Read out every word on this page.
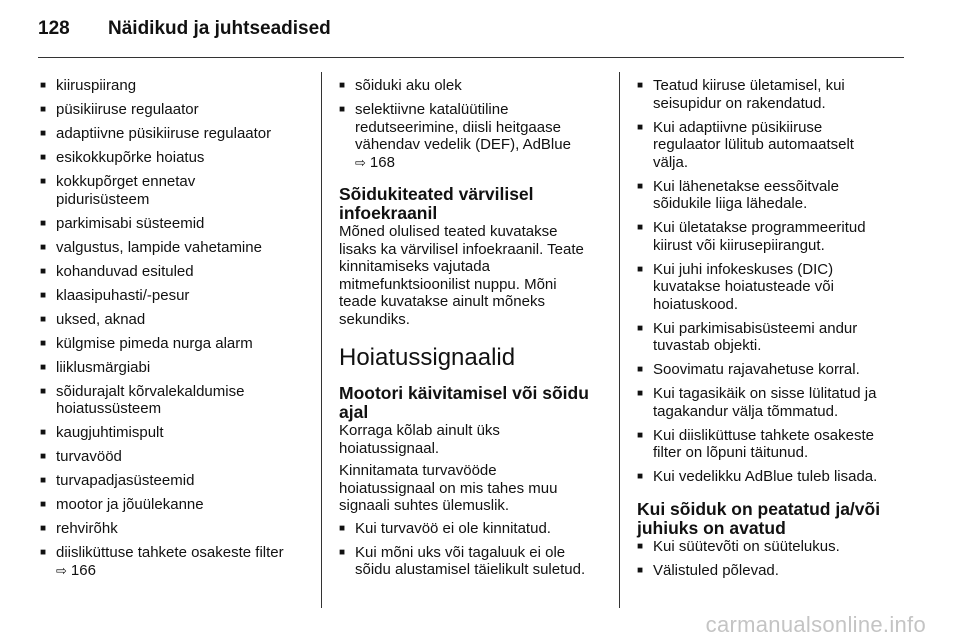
128 Näidikud ja juhtseadised
■ kiiruspiirang
■ püsikiiruse regulaator
■ adaptiivne püsikiiruse regulaator
■ esikokkupõrke hoiatus
■ kokkupõrget ennetav
pidurisüsteem
■ parkimisabi süsteemid
■ valgustus, lampide vahetamine
■ kohanduvad esituled
■ klaasipuhasti/-pesur
■ uksed, aknad
■ külgmise pimeda nurga alarm
■ liiklusmärgiabi
■ sõidurajalt kõrvalekaldumise
hoiatussüsteem
■ kaugjuhtimispult
■ turvavööd
■ turvapadjasüsteemid
■ mootor ja jõuülekanne
■ rehvirõhk
■ diisliküttuse tahkete osakeste filter
⇨ 166
■ sõiduki aku olek
■ selektiivne katalüütiline
redutseerimine, diisli heitgaase
vähendav vedelik (DEF), AdBlue
⇨ 168
Sõidukiteated värvilisel
infoekraanil

Mõned olulised teated kuvatakse
lisaks ka värvilisel infoekraanil. Teate
kinnitamiseks vajutada
mitmefunktsioonilist nuppu. Mõni
teade kuvatakse ainult mõneks
sekundiks.

Hoiatussignaalid
Mootori käivitamisel või sõidu
ajal

Korraga kõlab ainult üks
hoiatussignaal.

Kinnitamata turvavööde
hoiatussignaal on mis tahes muu
signaali suhtes ülemuslik.

■ Kui turvavöö ei ole kinnitatud.
■ Kui mõni uks või tagaluuk ei ole
sõidu alustamisel täielikult suletud.
■ Teatud kiiruse ületamisel, kui
seisupidur on rakendatud.
■ Kui adaptiivne püsikiiruse
regulaator lülitub automaatselt
välja.
■ Kui lähenetakse eessõitvale
sõidukile liiga lähedale.
■ Kui ületatakse programmeeritud
kiirust või kiirusepiirangut.
■ Kui juhi infokeskuses (DIC)
kuvatakse hoiatusteade või
hoiatuskood.
■ Kui parkimisabisüsteemi andur
tuvastab objekti.
■ Soovimatu rajavahetuse korral.
■ Kui tagasikäik on sisse lülitatud ja
tagakandur välja tõmmatud.
■ Kui diisliküttuse tahkete osakeste
filter on lõpuni täitunud.
■ Kui vedelikku AdBlue tuleb lisada.
Kui sõiduk on peatatud ja/või
juhiuks on avatud
■ Kui süütevõti on süütelukus.
■ Välistuled põlevad.
carmanualsonline.info
